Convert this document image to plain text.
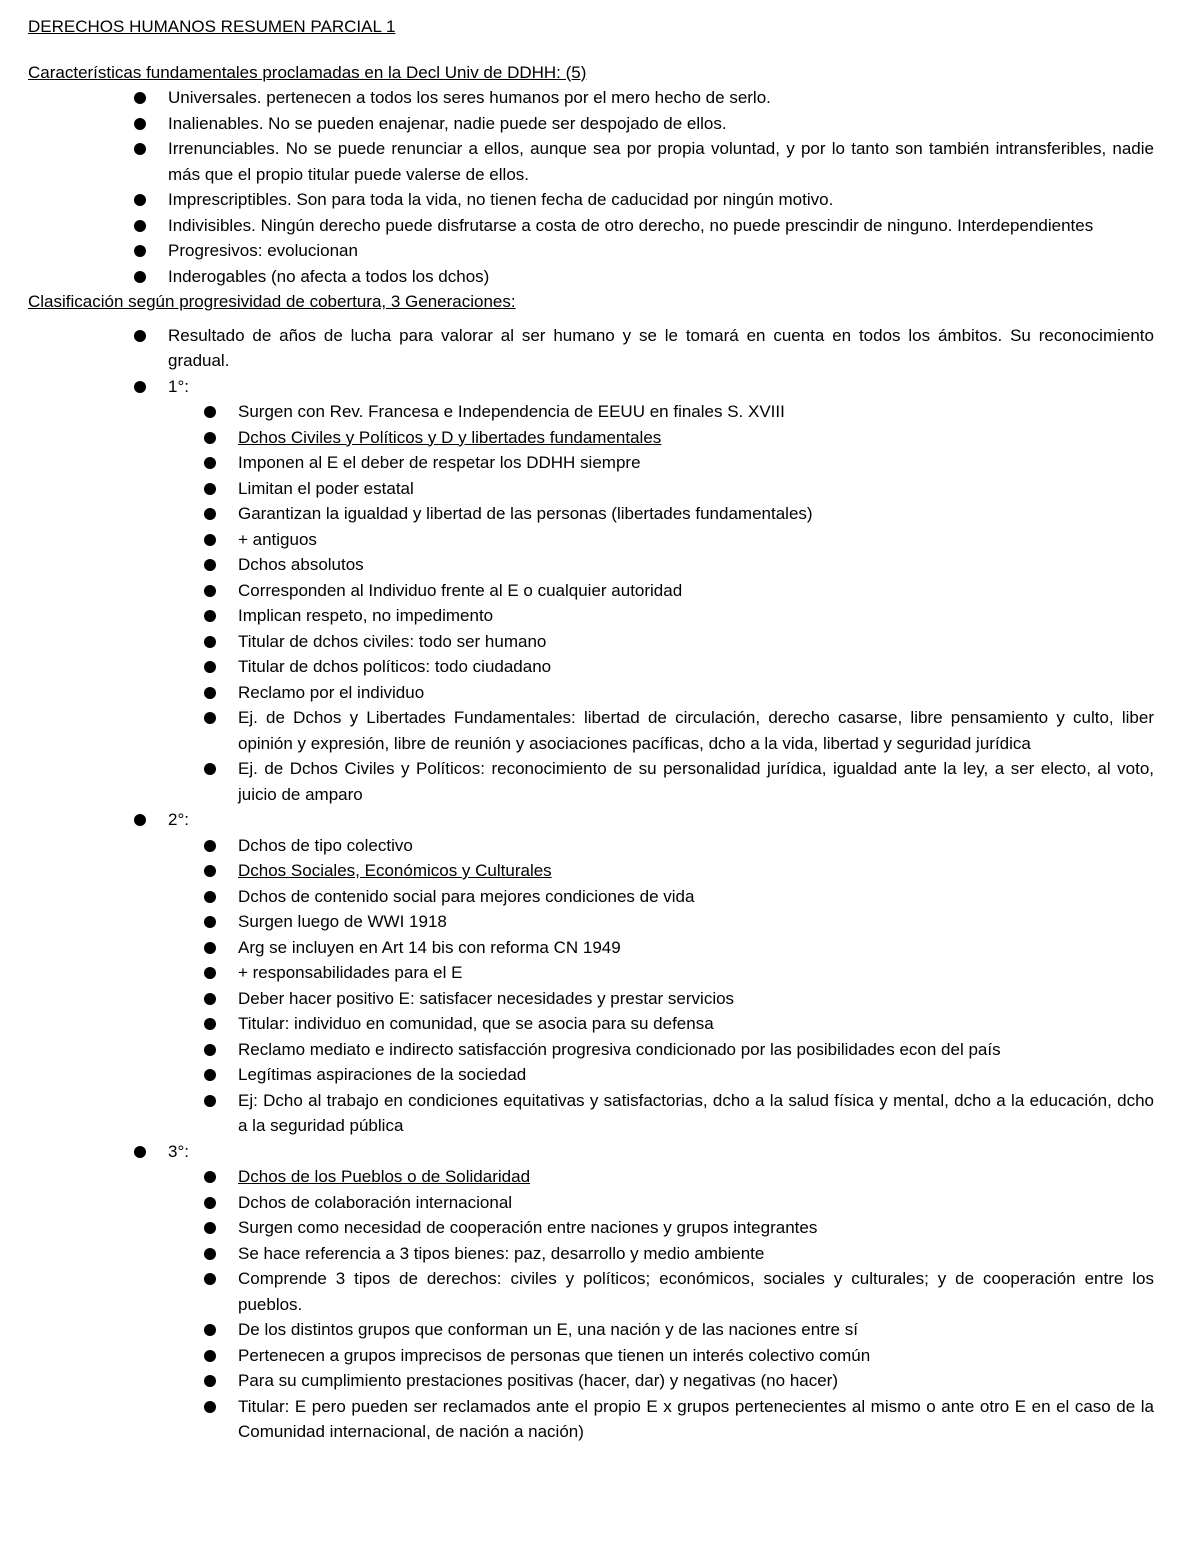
DERECHOS HUMANOS RESUMEN PARCIAL 1

Características fundamentales proclamadas en la Decl Univ de DDHH: (5)

Universales. pertenecen a todos los seres humanos por el mero hecho de serlo.
Inalienables. No se pueden enajenar, nadie puede ser despojado de ellos.
Irrenunciables. No se puede renunciar a ellos, aunque sea por propia voluntad, y por lo tanto son también intransferibles, nadie más que el propio titular puede valerse de ellos.
Imprescriptibles. Son para toda la vida, no tienen fecha de caducidad por ningún motivo.
Indivisibles. Ningún derecho puede disfrutarse a costa de otro derecho, no puede prescindir de ninguno. Interdependientes
Progresivos: evolucionan
Inderogables (no afecta a todos los dchos)

Clasificación según progresividad de cobertura, 3 Generaciones:

Resultado de años de lucha para valorar al ser humano y se le tomará en cuenta en todos los ámbitos. Su reconocimiento gradual.
1°:
Surgen con Rev. Francesa e Independencia de EEUU en finales S. XVIII
Dchos Civiles y Políticos y D y libertades fundamentales
Imponen al E el deber de respetar los DDHH siempre
Limitan el poder estatal
Garantizan la igualdad y libertad de las personas (libertades fundamentales)
+ antiguos
Dchos absolutos
Corresponden al Individuo frente al E o cualquier autoridad
Implican respeto, no impedimento
Titular de dchos civiles: todo ser humano
Titular de dchos políticos: todo ciudadano
Reclamo por el individuo
Ej. de Dchos y Libertades Fundamentales: libertad de circulación, derecho casarse, libre pensamiento y culto, liber opinión y expresión, libre de reunión y asociaciones pacíficas, dcho a la vida, libertad y seguridad jurídica
Ej. de Dchos Civiles y Políticos: reconocimiento de su personalidad jurídica, igualdad ante la ley, a ser electo, al voto, juicio de amparo
2°:
Dchos de tipo colectivo
Dchos Sociales, Económicos y Culturales
Dchos de contenido social para mejores condiciones de vida
Surgen luego de WWI 1918
Arg se incluyen en Art 14 bis con reforma CN 1949
+ responsabilidades para el E
Deber hacer positivo E: satisfacer necesidades y prestar servicios
Titular: individuo en comunidad, que se asocia para su defensa
Reclamo mediato e indirecto satisfacción progresiva condicionado por las posibilidades econ del país
Legítimas aspiraciones de la sociedad
Ej: Dcho al trabajo en condiciones equitativas y satisfactorias, dcho a la salud física y mental, dcho a la educación, dcho a la seguridad pública
3°:
Dchos de los Pueblos o de Solidaridad
Dchos de colaboración internacional
Surgen como necesidad de cooperación entre naciones y grupos integrantes
Se hace referencia a 3 tipos bienes: paz, desarrollo y medio ambiente
Comprende 3 tipos de derechos: civiles y políticos; económicos, sociales y culturales; y de cooperación entre los pueblos.
De los distintos grupos que conforman un E, una nación y de las naciones entre sí
Pertenecen a grupos imprecisos de personas que tienen un interés colectivo común
Para su cumplimiento prestaciones positivas (hacer, dar) y negativas (no hacer)
Titular: E pero pueden ser reclamados ante el propio E x grupos pertenecientes al mismo o ante otro E en el caso de la Comunidad internacional, de nación a nación)
